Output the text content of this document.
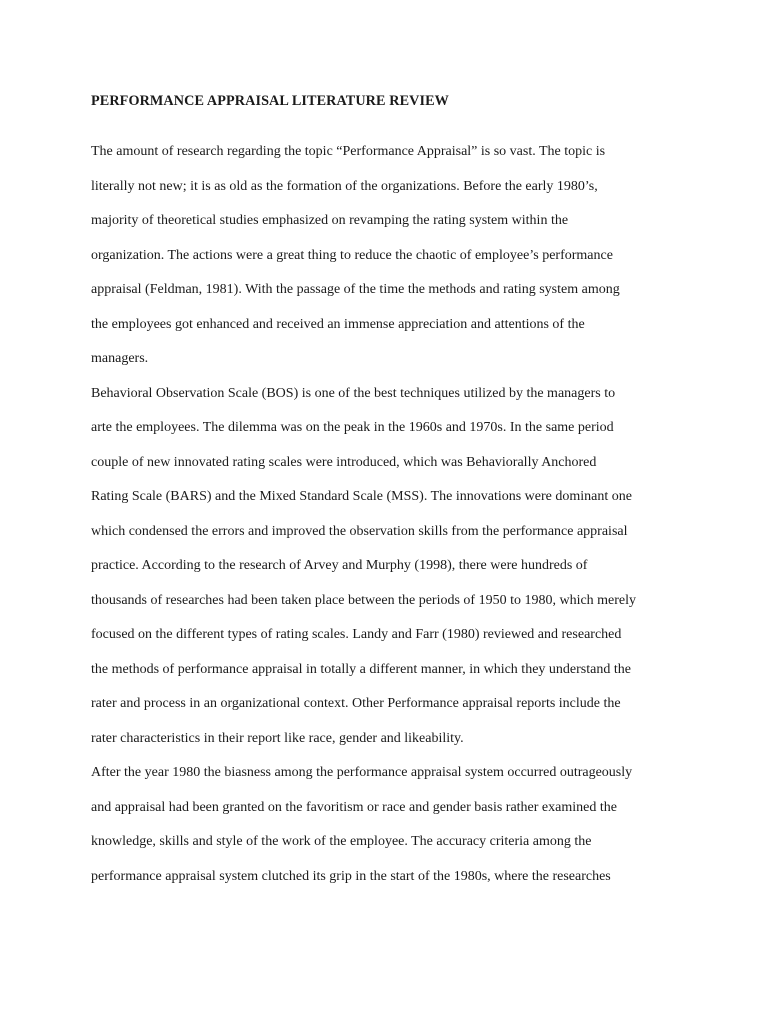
PERFORMANCE APPRAISAL LITERATURE REVIEW
The amount of research regarding the topic “Performance Appraisal” is so vast. The topic is
literally not new; it is as old as the formation of the organizations. Before the early 1980’s,
majority of theoretical studies emphasized on revamping the rating system within the
organization. The actions were a great thing to reduce the chaotic of employee’s performance
appraisal (Feldman, 1981). With the passage of the time the methods and rating system among
the employees got enhanced and received an immense appreciation and attentions of the
managers.
Behavioral Observation Scale (BOS) is one of the best techniques utilized by the managers to
arte the employees. The dilemma was on the peak in the 1960s and 1970s. In the same period
couple of new innovated rating scales were introduced, which was Behaviorally Anchored
Rating Scale (BARS) and the Mixed Standard Scale (MSS). The innovations were dominant one
which condensed the errors and improved the observation skills from the performance appraisal
practice. According to the research of Arvey and Murphy (1998), there were hundreds of
thousands of researches had been taken place between the periods of 1950 to 1980, which merely
focused on the different types of rating scales. Landy and Farr (1980) reviewed and researched
the methods of performance appraisal in totally a different manner, in which they understand the
rater and process in an organizational context. Other Performance appraisal reports include the
rater characteristics in their report like race, gender and likeability.
After the year 1980 the biasness among the performance appraisal system occurred outrageously
and appraisal had been granted on the favoritism or race and gender basis rather examined the
knowledge, skills and style of the work of the employee. The accuracy criteria among the
performance appraisal system clutched its grip in the start of the 1980s, where the researches
